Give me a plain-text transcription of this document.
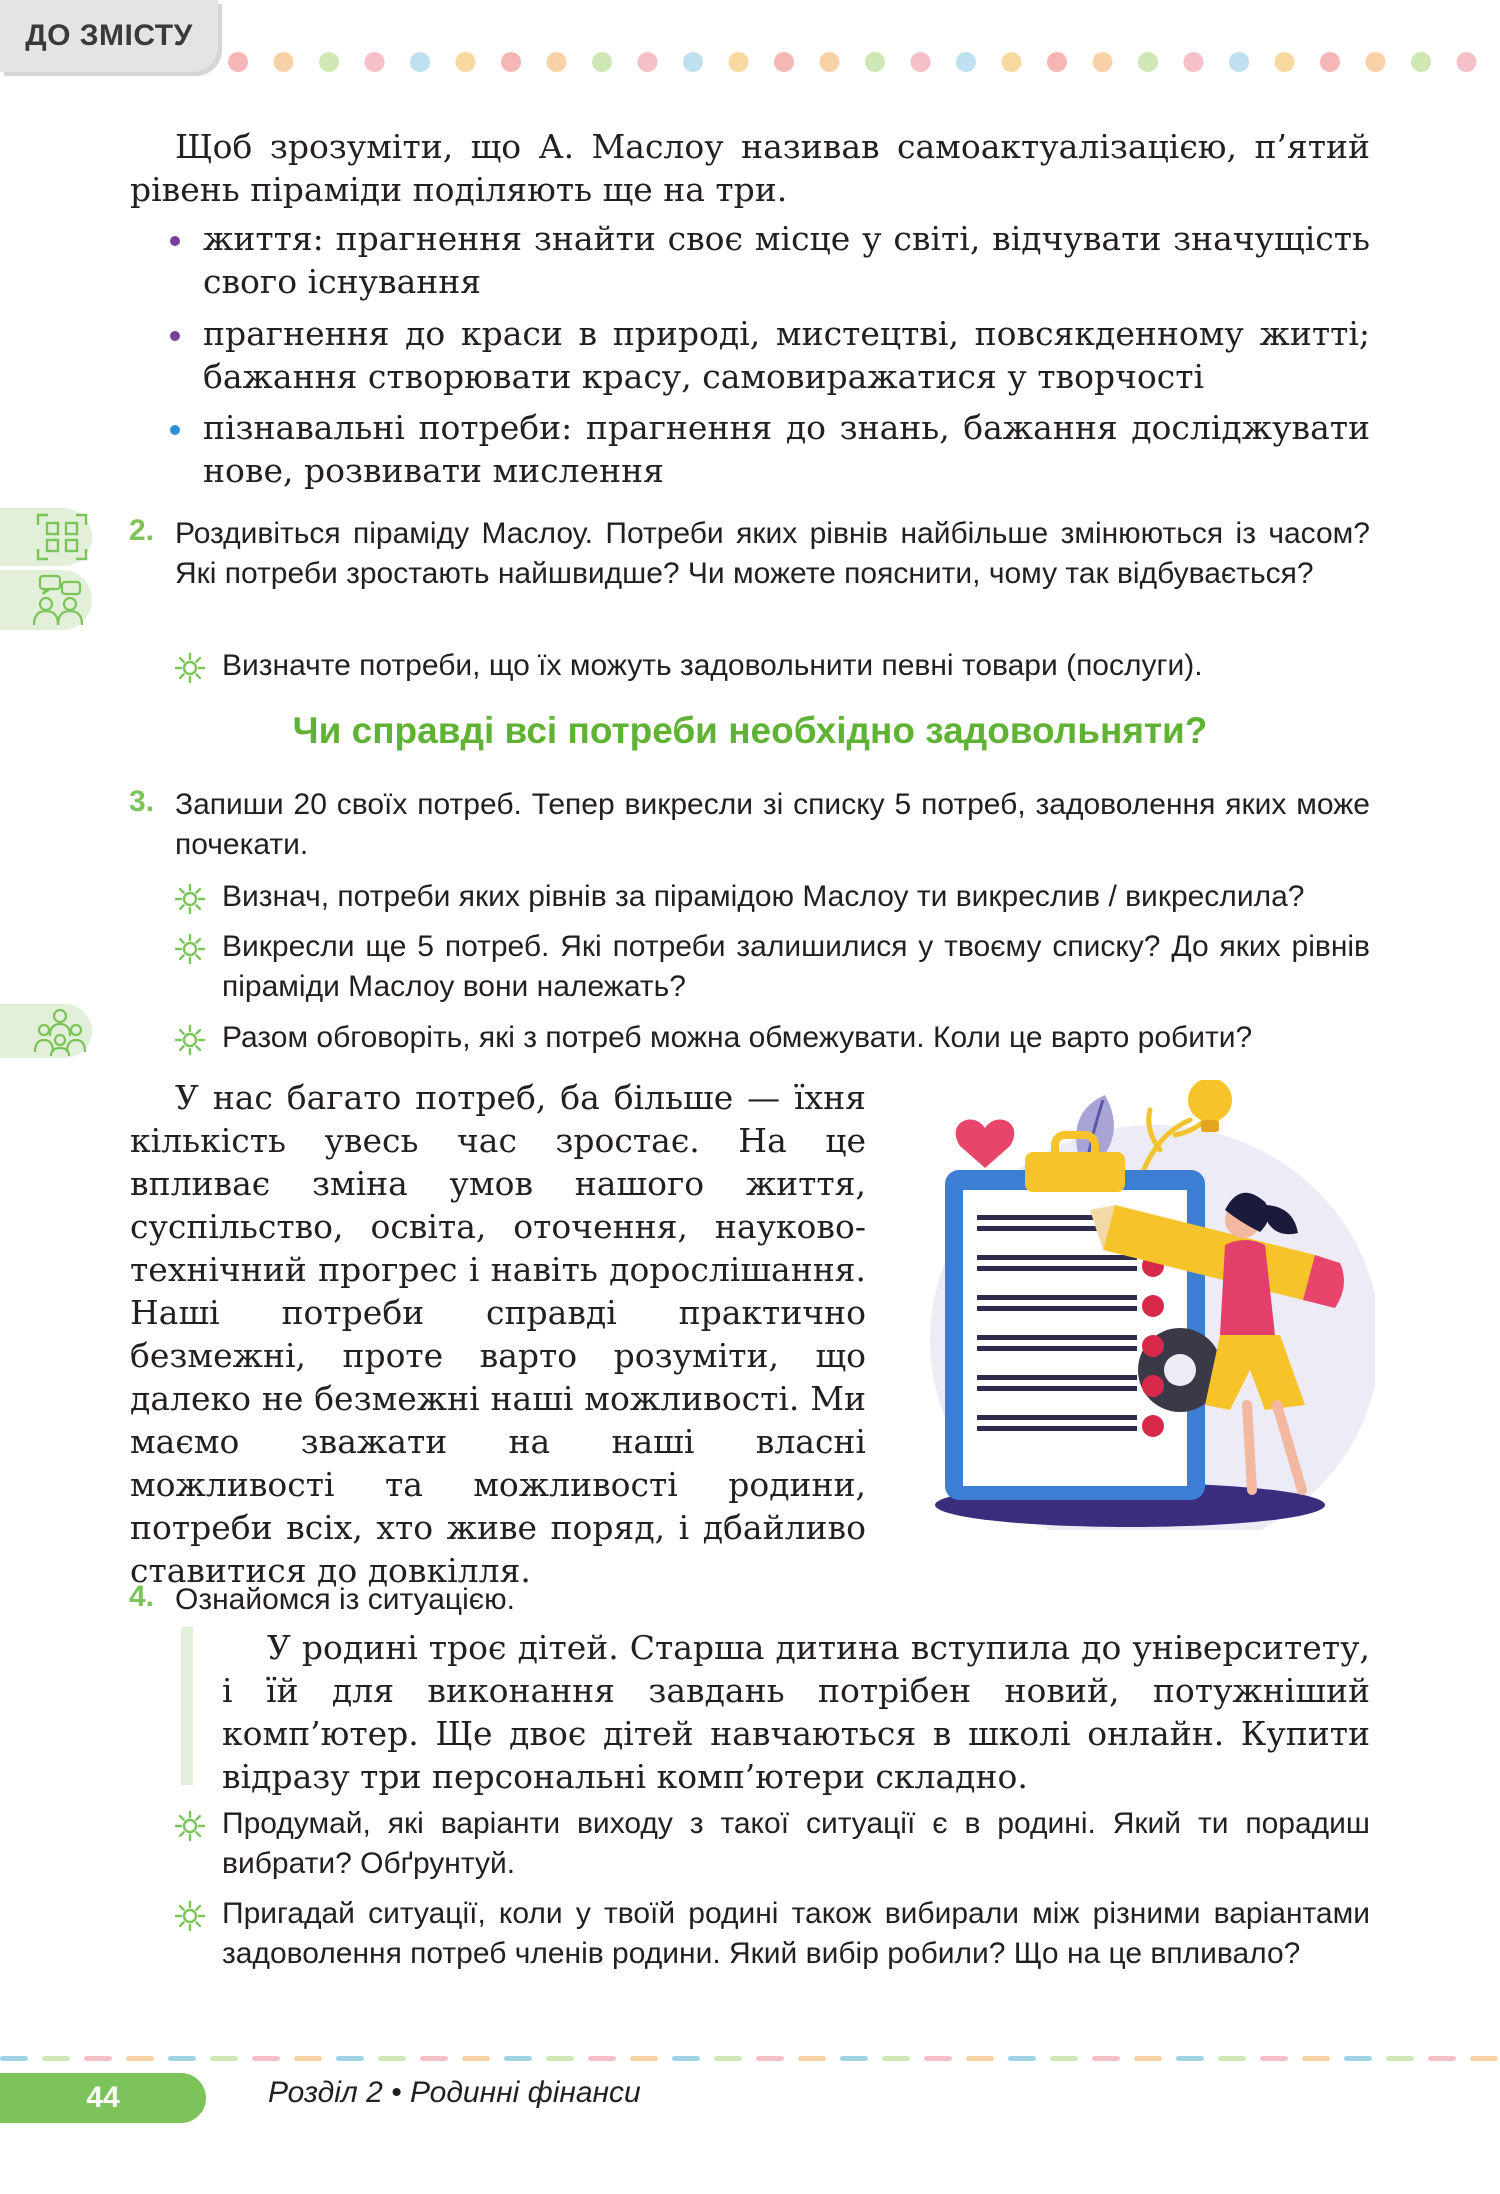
ДО ЗМІСТУ
Щоб зрозуміти, що А. Маслоу називав самоактуалізацією, п’ятий рівень піраміди поділяють ще на три.
життя: прагнення знайти своє місце у світі, відчувати значущість свого існування
прагнення до краси в природі, мистецтві, повсякденному житті; бажання створювати красу, самовиражатися у творчості
пізнавальні потреби: прагнення до знань, бажання досліджувати нове, розвивати мислення
2. Роздивіться піраміду Маслоу. Потреби яких рівнів найбільше змінюються із часом? Які потреби зростають найшвидше? Чи можете пояснити, чому так відбувається?
Визначте потреби, що їх можуть задовольнити певні товари (послуги).
Чи справді всі потреби необхідно задовольняти?
3. Запиши 20 своїх потреб. Тепер викресли зі списку 5 потреб, задоволення яких може почекати.
Визнач, потреби яких рівнів за пірамідою Маслоу ти викреслив / викреслила?
Викресли ще 5 потреб. Які потреби залишилися у твоєму списку? До яких рівнів піраміди Маслоу вони належать?
Разом обговоріть, які з потреб можна обмежувати. Коли це варто робити?
У нас багато потреб, ба більше — їхня кількість увесь час зростає. На це впливає зміна умов нашого життя, суспільство, освіта, оточення, науково-технічний прогрес і навіть дорослішання. Наші потреби справді практично безмежні, проте варто розуміти, що далеко не безмежні наші можливості. Ми маємо зважати на наші власні можливості та можливості родини, потреби всіх, хто живе поряд, і дбайливо ставитися до довкілля.
4. Ознайомся із ситуацією.
У родині троє дітей. Старша дитина вступила до університету, і їй для виконання завдань потрібен новий, потужніший комп’ютер. Ще двоє дітей навчаються в школі онлайн. Купити відразу три персональні комп’ютери складно.
Продумай, які варіанти виходу з такої ситуації є в родині. Який ти порадиш вибрати? Обґрунтуй.
Пригадай ситуації, коли у твоїй родині також вибирали між різними варіантами задоволення потреб членів родини. Який вибір робили? Що на це впливало?
44	Розділ 2 • Родинні фінанси
